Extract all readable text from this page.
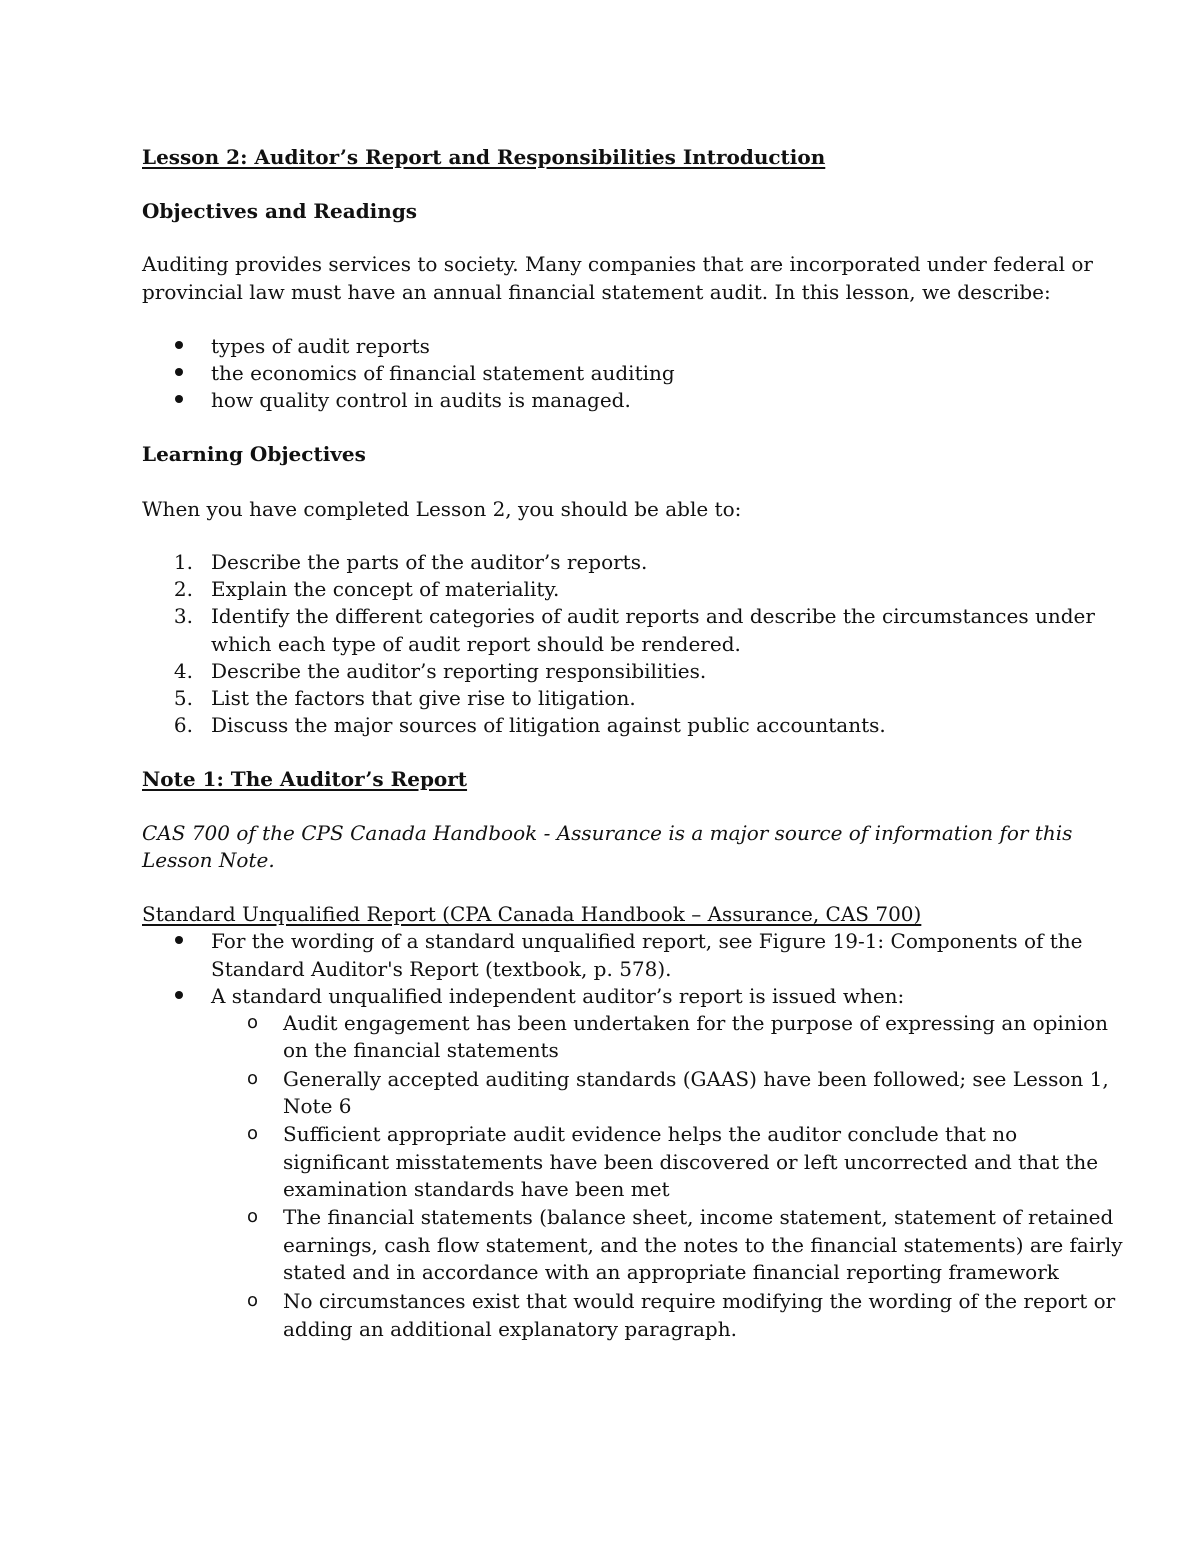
Lesson 2: Auditor’s Report and Responsibilities Introduction

Objectives and Readings

Auditing provides services to society. Many companies that are incorporated under federal or

provincial law must have an annual financial statement audit. In this lesson, we describe:

types of audit reports

the economics of financial statement auditing

how quality control in audits is managed.

Learning Objectives

When you have completed Lesson 2, you should be able to:

1. Describe the parts of the auditor’s reports.

2. Explain the concept of materiality.

3. Identify the different categories of audit reports and describe the circumstances under

which each type of audit report should be rendered.

4. Describe the auditor’s reporting responsibilities.

5. List the factors that give rise to litigation.

6. Discuss the major sources of litigation against public accountants.

Note 1: The Auditor’s Report

CAS 700 of the CPS Canada Handbook - Assurance is a major source of information for this

Lesson Note.

Standard Unqualified Report (CPA Canada Handbook – Assurance, CAS 700)

For the wording of a standard unqualified report, see Figure 19-1: Components of the

Standard Auditor's Report (textbook, p. 578).

A standard unqualified independent auditor’s report is issued when:

o Audit engagement has been undertaken for the purpose of expressing an opinion

on the financial statements

o Generally accepted auditing standards (GAAS) have been followed; see Lesson 1,

Note 6

o Sufficient appropriate audit evidence helps the auditor conclude that no

significant misstatements have been discovered or left uncorrected and that the

examination standards have been met

o The financial statements (balance sheet, income statement, statement of retained

earnings, cash flow statement, and the notes to the financial statements) are fairly

stated and in accordance with an appropriate financial reporting framework

o No circumstances exist that would require modifying the wording of the report or

adding an additional explanatory paragraph.
